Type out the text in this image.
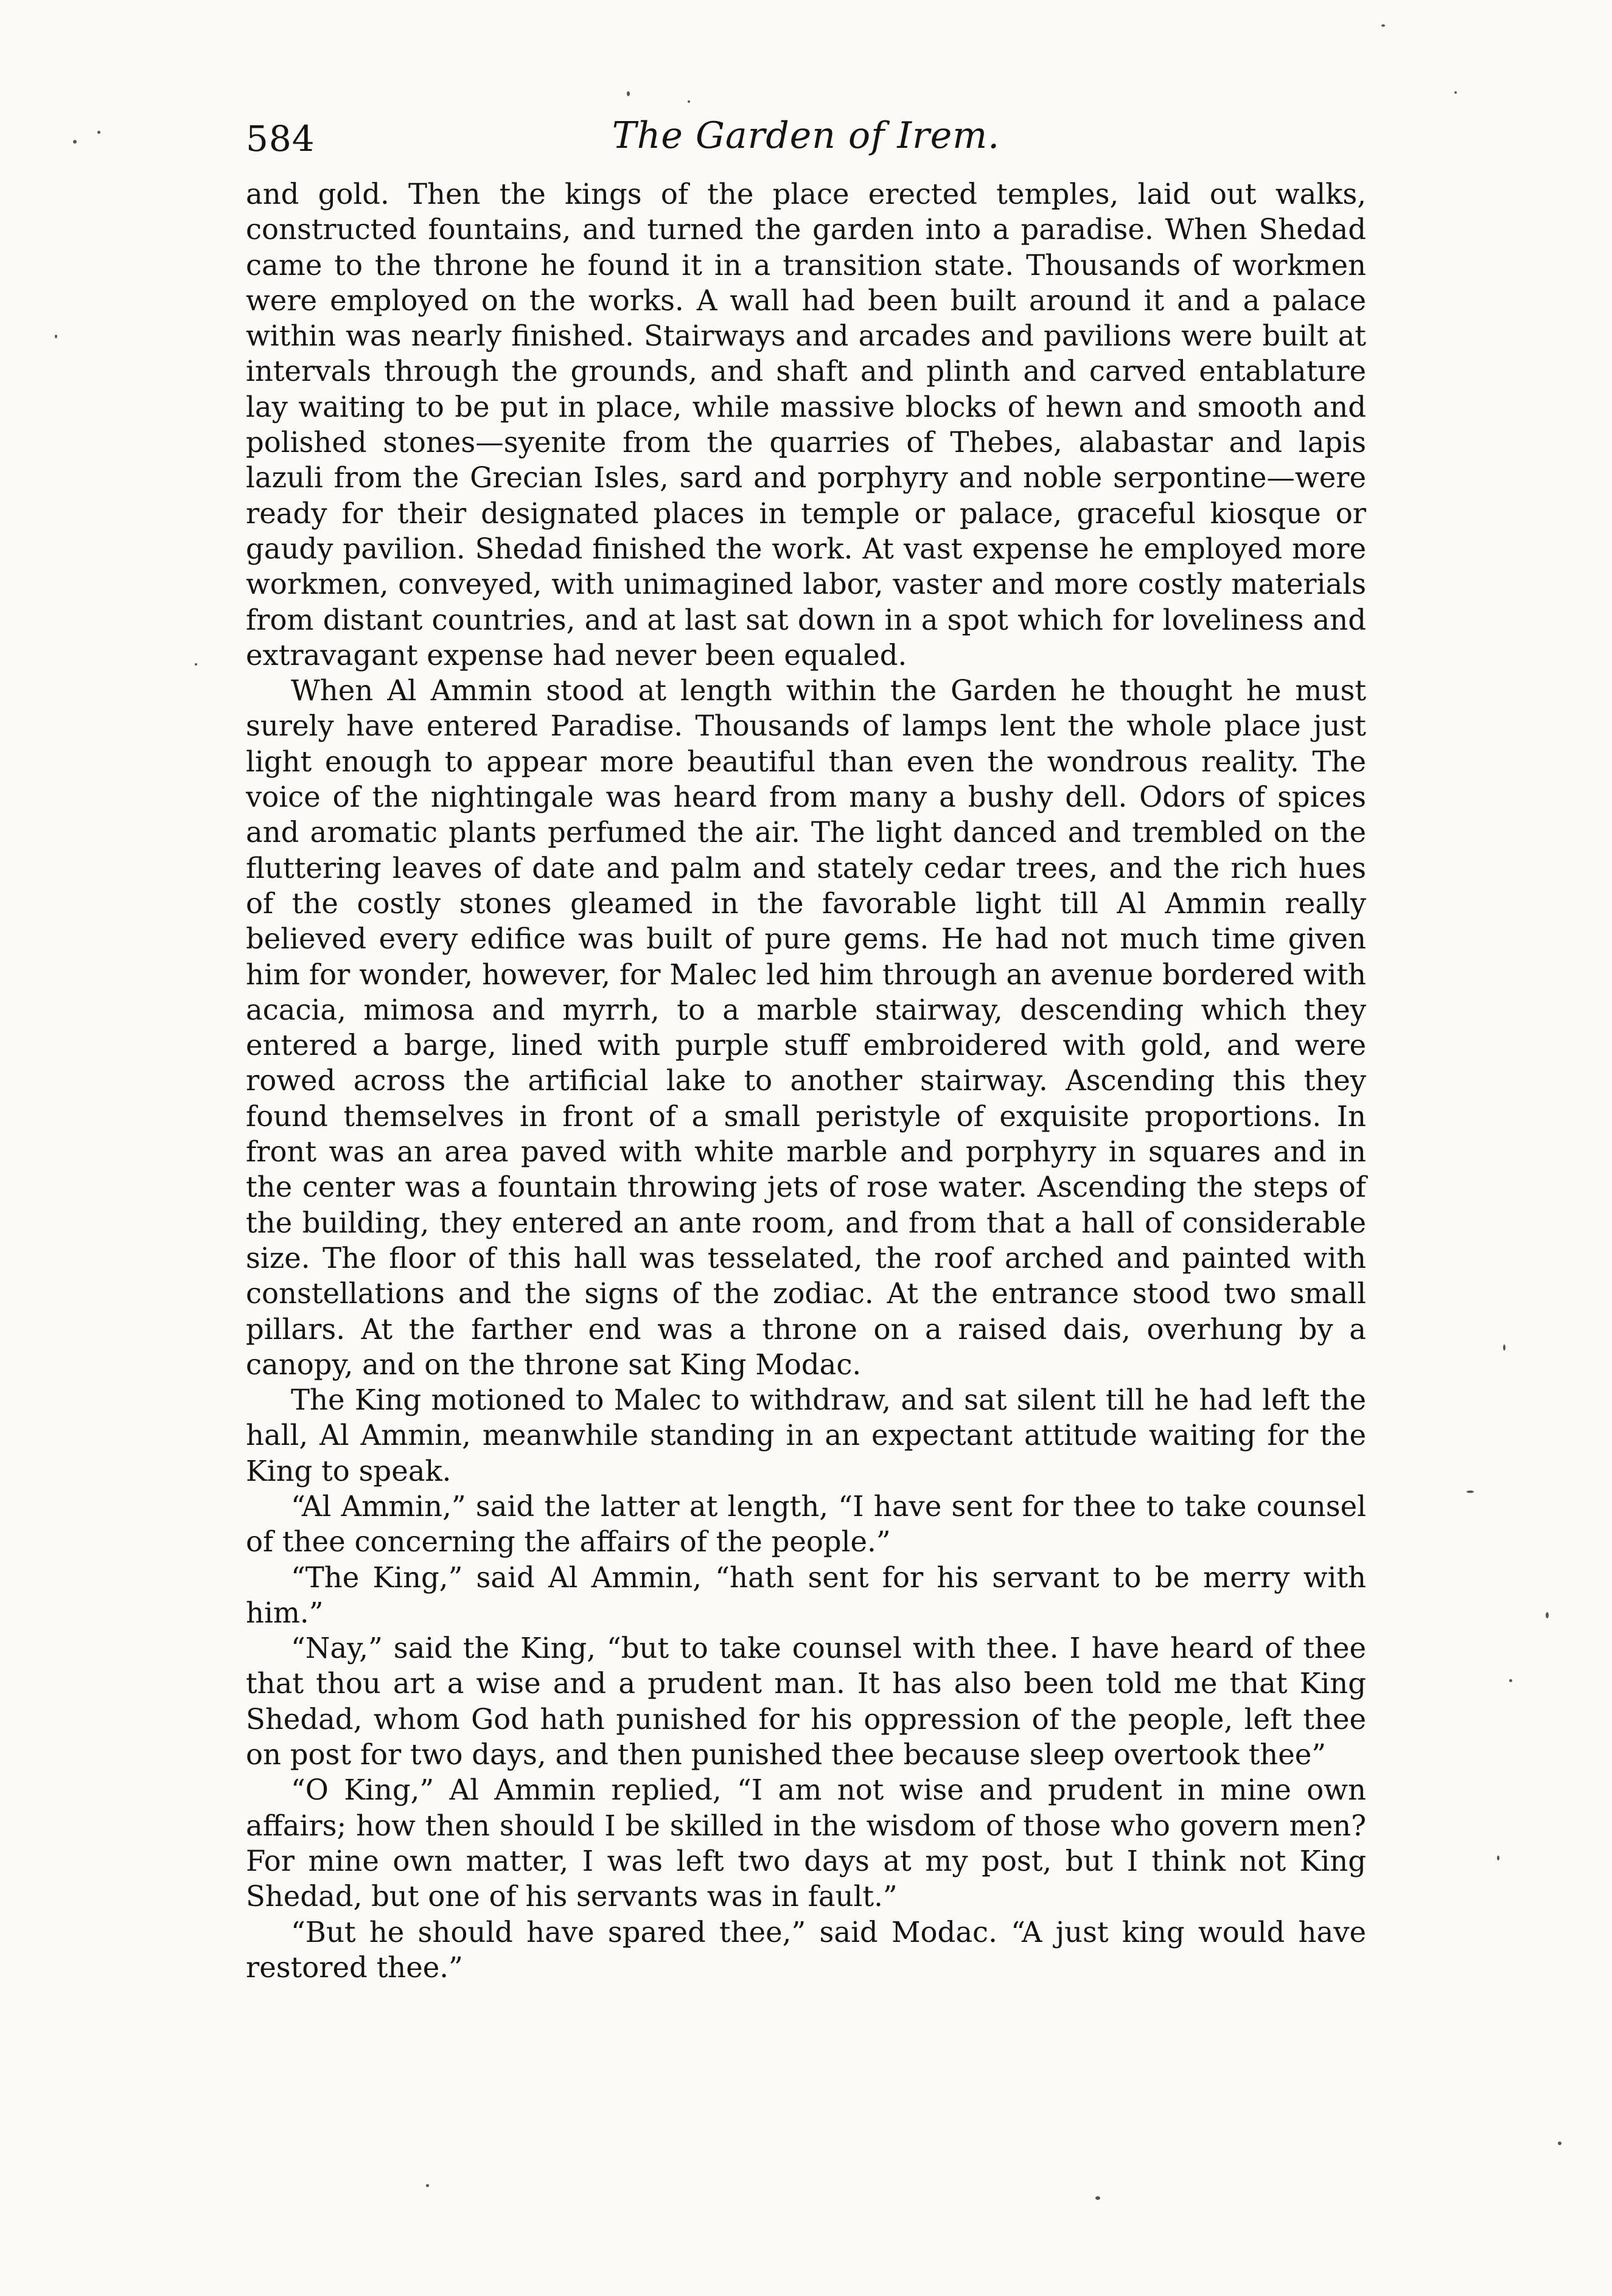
584	The Garden of Irem.

and gold. Then the kings of the place erected temples, laid out walks, constructed fountains, and turned the garden into a paradise. When Shedad came to the throne he found it in a transition state. Thousands of workmen were employed on the works. A wall had been built around it and a palace within was nearly finished. Stairways and arcades and pavilions were built at intervals through the grounds, and shaft and plinth and carved entablature lay waiting to be put in place, while massive blocks of hewn and smooth and polished stones—syenite from the quarries of Thebes, alabastar and lapis lazuli from the Grecian Isles, sard and porphyry and noble serpontine—were ready for their designated places in temple or palace, graceful kiosque or gaudy pavilion. Shedad finished the work. At vast expense he employed more workmen, conveyed, with unimagined labor, vaster and more costly materials from distant countries, and at last sat down in a spot which for loveliness and extravagant expense had never been equaled.

When Al Ammin stood at length within the Garden he thought he must surely have entered Paradise. Thousands of lamps lent the whole place just light enough to appear more beautiful than even the wondrous reality. The voice of the nightingale was heard from many a bushy dell. Odors of spices and aromatic plants perfumed the air. The light danced and trembled on the fluttering leaves of date and palm and stately cedar trees, and the rich hues of the costly stones gleamed in the favorable light till Al Ammin really believed every edifice was built of pure gems. He had not much time given him for wonder, however, for Malec led him through an avenue bordered with acacia, mimosa and myrrh, to a marble stairway, descending which they entered a barge, lined with purple stuff embroidered with gold, and were rowed across the artificial lake to another stairway. Ascending this they found themselves in front of a small peristyle of exquisite proportions. In front was an area paved with white marble and porphyry in squares and in the center was a fountain throwing jets of rose water. Ascending the steps of the building, they entered an ante room, and from that a hall of considerable size. The floor of this hall was tesselated, the roof arched and painted with constellations and the signs of the zodiac. At the entrance stood two small pillars. At the farther end was a throne on a raised dais, overhung by a canopy, and on the throne sat King Modac.

The King motioned to Malec to withdraw, and sat silent till he had left the hall, Al Ammin, meanwhile standing in an expectant attitude waiting for the King to speak.

“Al Ammin,” said the latter at length, “I have sent for thee to take counsel of thee concerning the affairs of the people.”

“The King,” said Al Ammin, “hath sent for his servant to be merry with him.”

“Nay,” said the King, “but to take counsel with thee. I have heard of thee that thou art a wise and a prudent man. It has also been told me that King Shedad, whom God hath punished for his oppression of the people, left thee on post for two days, and then punished thee because sleep overtook thee”

“O King,” Al Ammin replied, “I am not wise and prudent in mine own affairs; how then should I be skilled in the wisdom of those who govern men? For mine own matter, I was left two days at my post, but I think not King Shedad, but one of his servants was in fault.”

“But he should have spared thee,” said Modac. “A just king would have restored thee.”
